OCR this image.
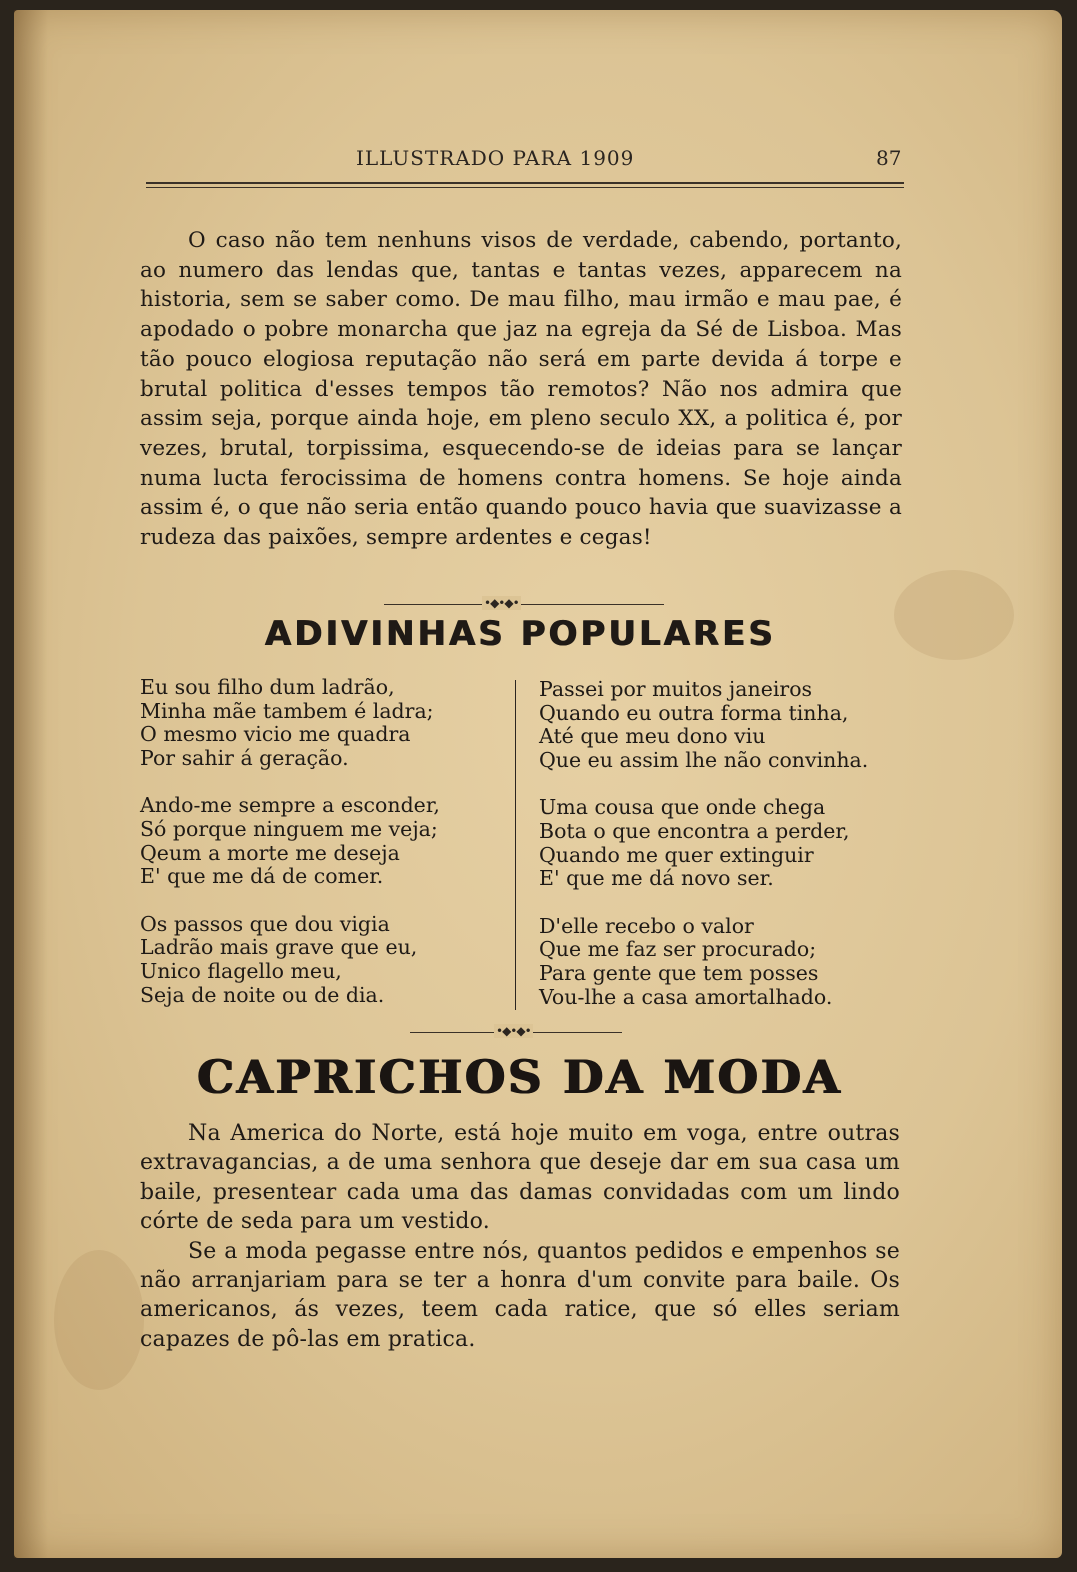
ILLUSTRADO PARA 1909	87

O caso não tem nenhuns visos de verdade, cabendo, portanto, ao numero das lendas que, tantas e tantas vezes, apparecem na historia, sem se saber como. De mau filho, mau irmão e mau pae, é apodado o pobre monarcha que jaz na egreja da Sé de Lisboa. Mas tão pouco elogiosa reputação não será em parte devida á torpe e brutal politica d'esses tempos tão remotos? Não nos admira que assim seja, porque ainda hoje, em pleno seculo XX, a politica é, por vezes, brutal, torpissima, esquecendo-se de ideias para se lançar numa lucta ferocissima de homens contra homens. Se hoje ainda assim é, o que não seria então quando pouco havia que suavizasse a rudeza das paixões, sempre ardentes e cegas!

•◆•◆•
ADIVINHAS POPULARES
Eu sou filho dum ladrão,
Minha mãe tambem é ladra;
O mesmo vicio me quadra
Por sahir á geração.
Ando-me sempre a esconder,
Só porque ninguem me veja;
Qeum a morte me deseja
E' que me dá de comer.
Os passos que dou vigia
Ladrão mais grave que eu,
Unico flagello meu,
Seja de noite ou de dia.
Passei por muitos janeiros
Quando eu outra forma tinha,
Até que meu dono viu
Que eu assim lhe não convinha.
Uma cousa que onde chega
Bota o que encontra a perder,
Quando me quer extinguir
E' que me dá novo ser.
D'elle recebo o valor
Que me faz ser procurado;
Para gente que tem posses
Vou-lhe a casa amortalhado.
•◆•◆•
CAPRICHOS DA MODA

Na America do Norte, está hoje muito em voga, entre outras extravagancias, a de uma senhora que deseje dar em sua casa um baile, presentear cada uma das damas convidadas com um lindo córte de seda para um vestido.

Se a moda pegasse entre nós, quantos pedidos e empenhos se não arranjariam para se ter a honra d'um convite para baile. Os americanos, ás vezes, teem cada ratice, que só elles seriam capazes de pô-las em pratica.
